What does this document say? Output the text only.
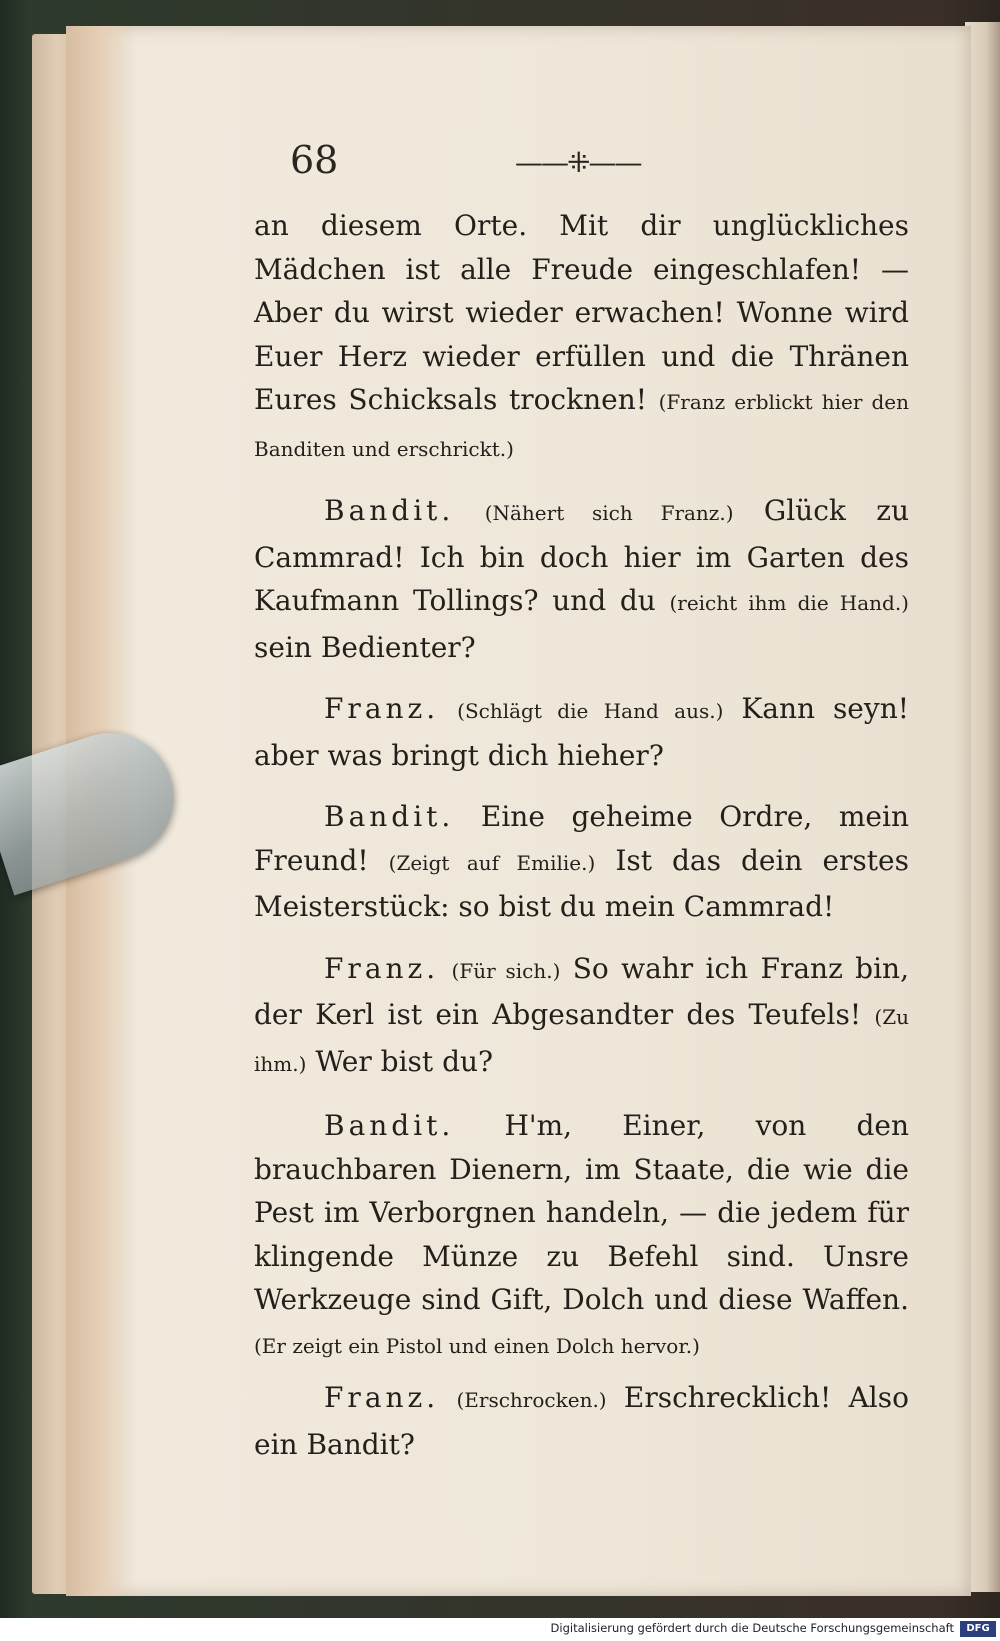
68	——⁜——

an diesem Orte. Mit dir unglückliches Mädchen ist alle Freude eingeschlafen! — Aber du wirst wieder erwachen! Wonne wird Euer Herz wieder erfüllen und die Thränen Eures Schicksals trocknen! (Franz erblickt hier den Banditen und erschrickt.)

Bandit. (Nähert sich Franz.) Glück zu Cammrad! Ich bin doch hier im Garten des Kaufmann Tollings? und du (reicht ihm die Hand.) sein Bedienter?

Franz. (Schlägt die Hand aus.) Kann seyn! aber was bringt dich hieher?

Bandit. Eine geheime Ordre, mein Freund! (Zeigt auf Emilie.) Ist das dein erstes Meisterstück: so bist du mein Cammrad!

Franz. (Für sich.) So wahr ich Franz bin, der Kerl ist ein Abgesandter des Teufels! (Zu ihm.) Wer bist du?

Bandit. H'm, Einer, von den brauchbaren Dienern, im Staate, die wie die Pest im Verborgnen handeln, — die jedem für klingende Münze zu Befehl sind. Unsre Werkzeuge sind Gift, Dolch und diese Waffen. (Er zeigt ein Pistol und einen Dolch hervor.)

Franz. (Erschrocken.) Erschrecklich! Also ein Bandit?

Digitalisierung gefördert durch die Deutsche Forschungsgemeinschaft	DFG
